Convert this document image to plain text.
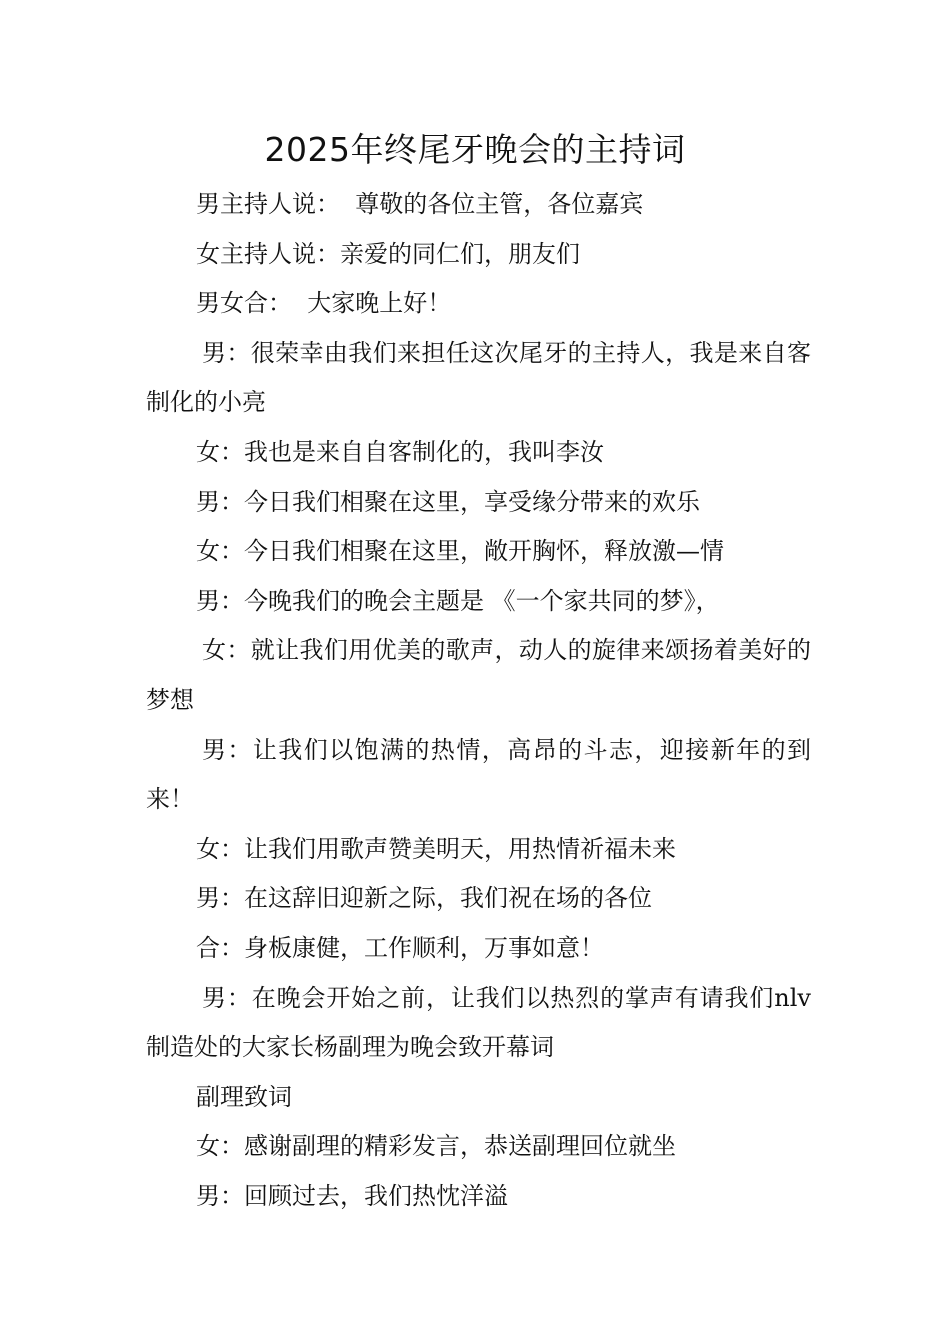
2025年终尾牙晚会的主持词

男主持人说：  尊敬的各位主管，各位嘉宾

女主持人说：亲爱的同仁们，朋友们

男女合：  大家晚上好！

男：很荣幸由我们来担任这次尾牙的主持人，我是来自客制化的小亮

女：我也是来自自客制化的，我叫李汝

男：今日我们相聚在这里，享受缘分带来的欢乐

女：今日我们相聚在这里，敞开胸怀，释放激—情

男：今晚我们的晚会主题是 《一个家共同的梦》，

女：就让我们用优美的歌声，动人的旋律来颂扬着美好的梦想

男：让我们以饱满的热情，高昂的斗志，迎接新年的到来！

女：让我们用歌声赞美明天，用热情祈福未来

男：在这辞旧迎新之际，我们祝在场的各位

合：身板康健，工作顺利，万事如意！

男：在晚会开始之前，让我们以热烈的掌声有请我们nlv制造处的大家长杨副理为晚会致开幕词

副理致词

女：感谢副理的精彩发言，恭送副理回位就坐

男：回顾过去，我们热忱洋溢
